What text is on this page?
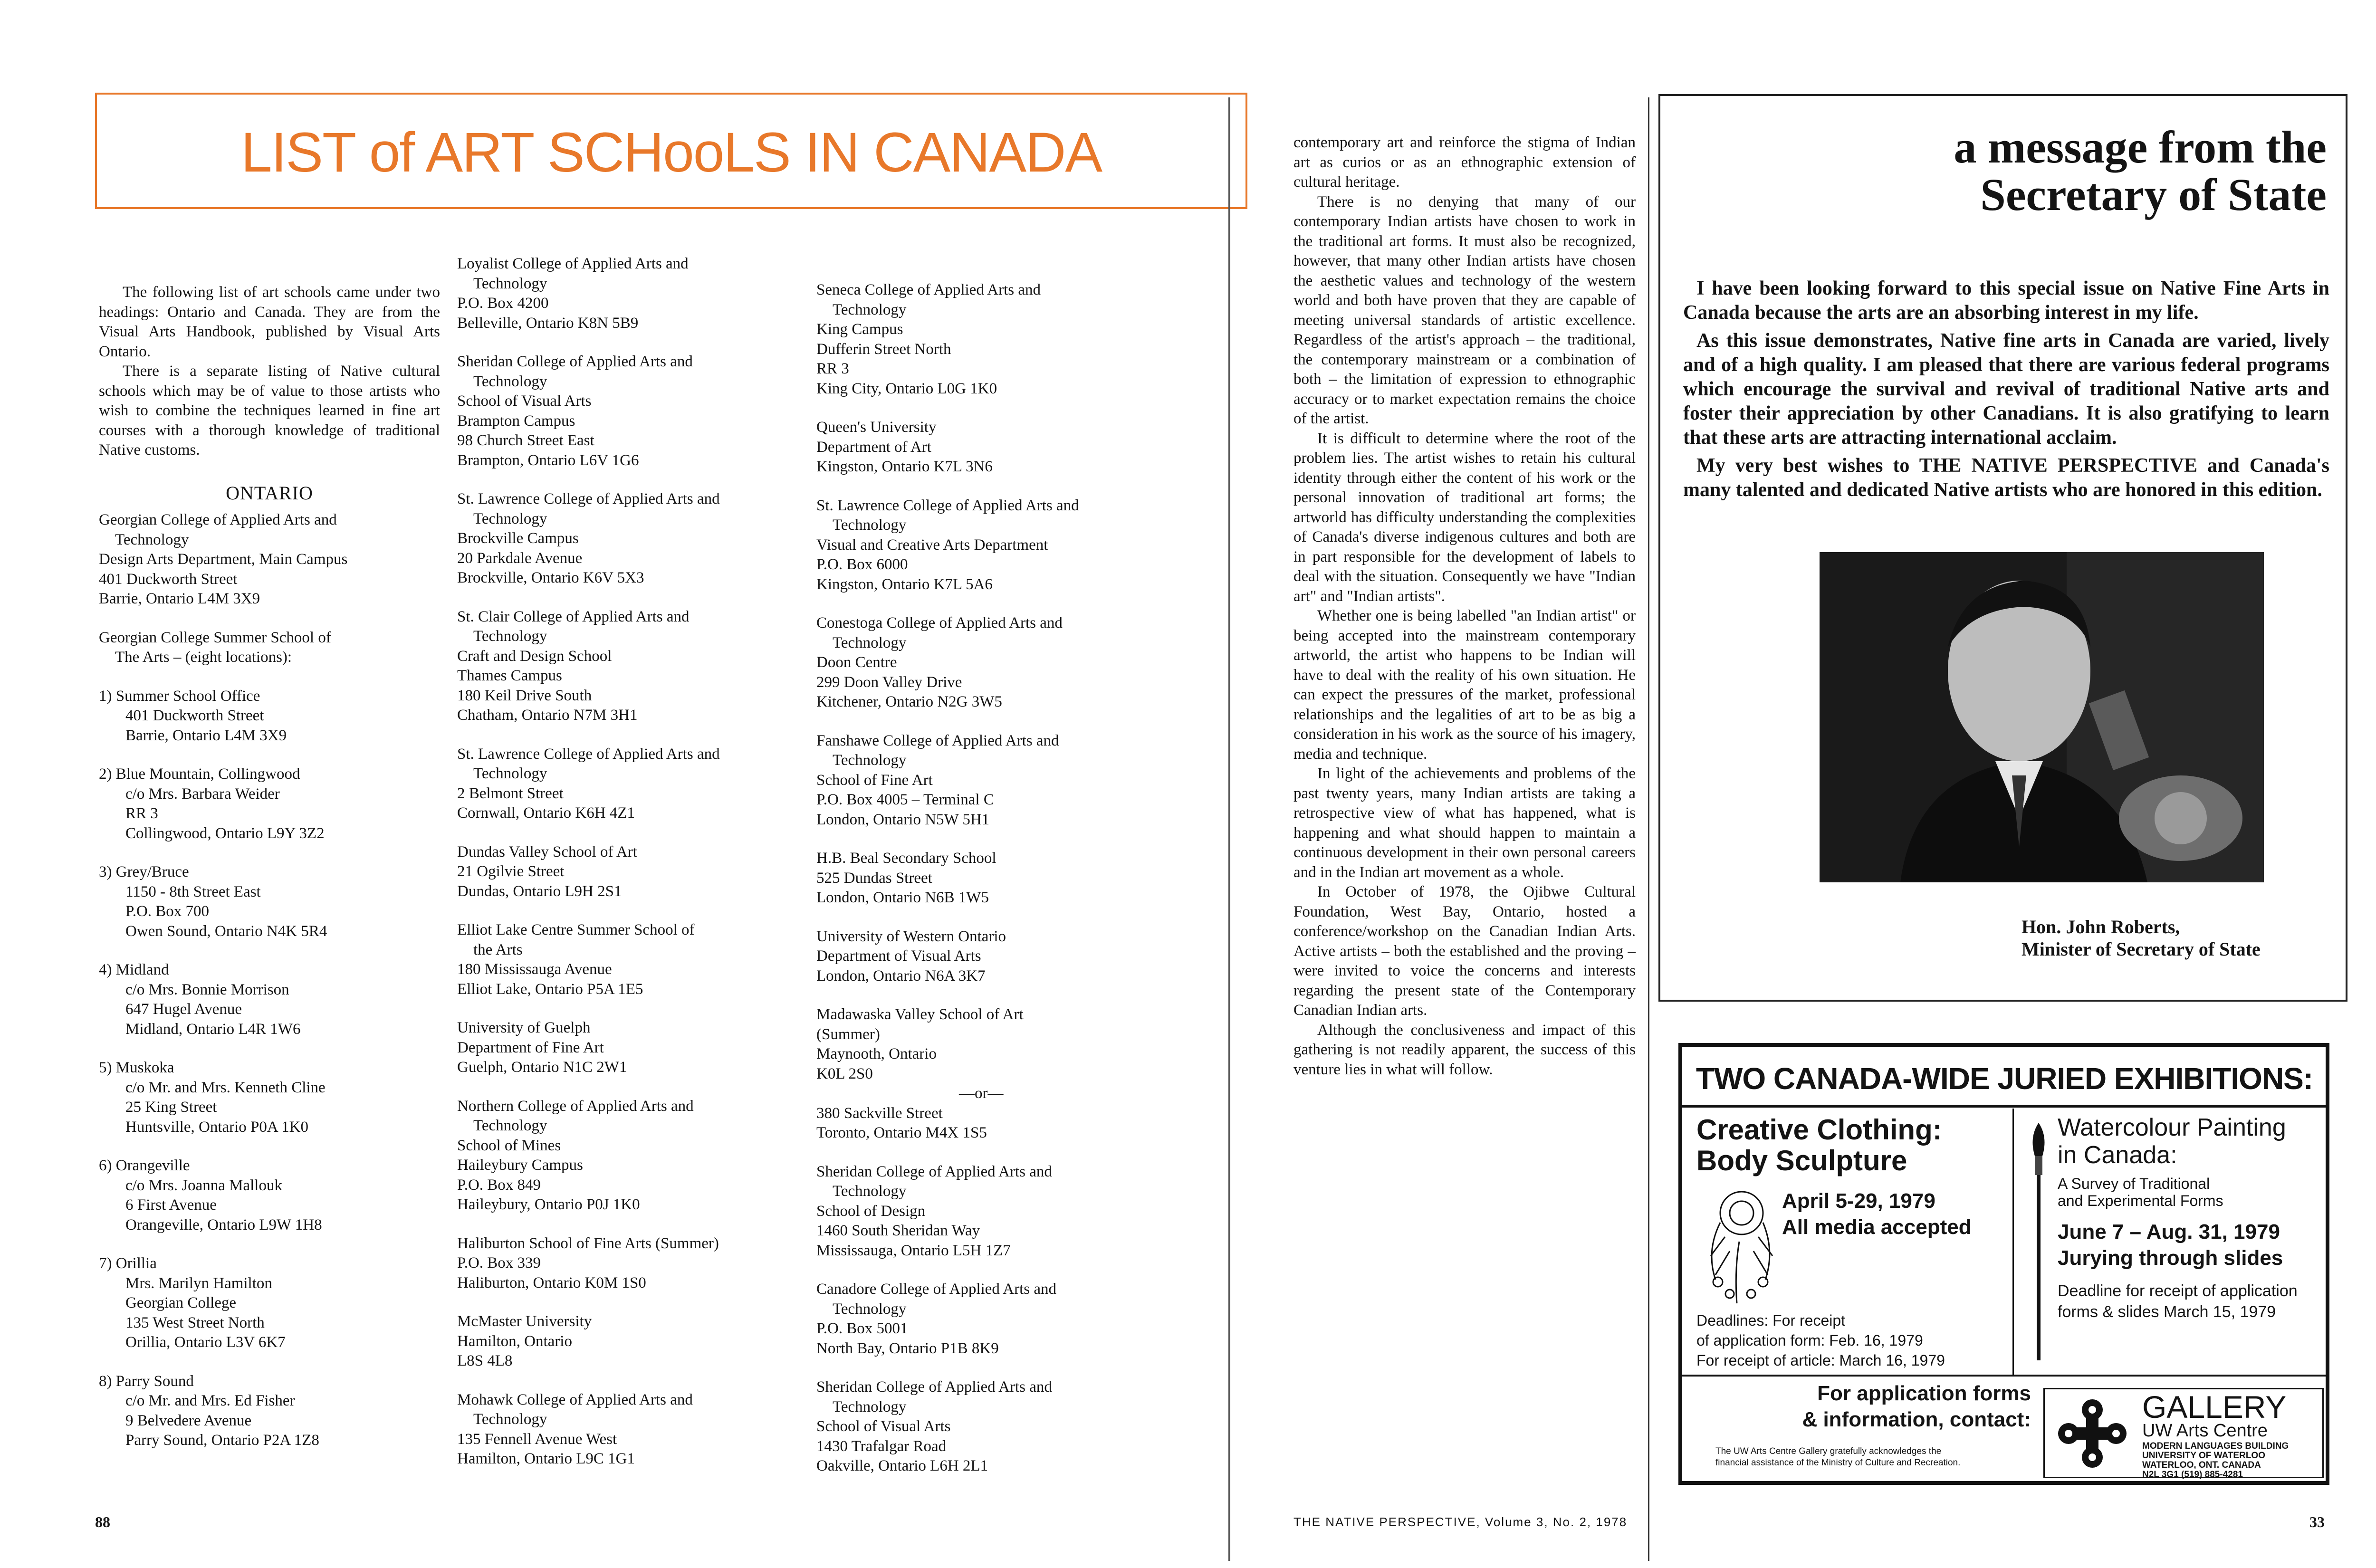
LIST of ART SCHooLS IN CANADA

The following list of art schools came under two headings: Ontario and Canada. They are from the Visual Arts Handbook, published by Visual Arts Ontario.

There is a separate listing of Native cultural schools which may be of value to those artists who wish to combine the techniques learned in fine art courses with a thorough knowledge of traditional Native customs.

ONTARIO
Georgian College of Applied Arts and
Technology
Design Arts Department, Main Campus
401 Duckworth Street
Barrie, Ontario L4M 3X9
Georgian College Summer School of
The Arts – (eight locations):
1) Summer School Office
401 Duckworth Street
Barrie, Ontario L4M 3X9
2) Blue Mountain, Collingwood
c/o Mrs. Barbara Weider
RR 3
Collingwood, Ontario L9Y 3Z2
3) Grey/Bruce
1150 - 8th Street East
P.O. Box 700
Owen Sound, Ontario N4K 5R4
4) Midland
c/o Mrs. Bonnie Morrison
647 Hugel Avenue
Midland, Ontario L4R 1W6
5) Muskoka
c/o Mr. and Mrs. Kenneth Cline
25 King Street
Huntsville, Ontario P0A 1K0
6) Orangeville
c/o Mrs. Joanna Mallouk
6 First Avenue
Orangeville, Ontario L9W 1H8
7) Orillia
Mrs. Marilyn Hamilton
Georgian College
135 West Street North
Orillia, Ontario L3V 6K7
8) Parry Sound
c/o Mr. and Mrs. Ed Fisher
9 Belvedere Avenue
Parry Sound, Ontario P2A 1Z8
Loyalist College of Applied Arts and
Technology
P.O. Box 4200
Belleville, Ontario K8N 5B9
Sheridan College of Applied Arts and
Technology
School of Visual Arts
Brampton Campus
98 Church Street East
Brampton, Ontario L6V 1G6
St. Lawrence College of Applied Arts and
Technology
Brockville Campus
20 Parkdale Avenue
Brockville, Ontario K6V 5X3
St. Clair College of Applied Arts and
Technology
Craft and Design School
Thames Campus
180 Keil Drive South
Chatham, Ontario N7M 3H1
St. Lawrence College of Applied Arts and
Technology
2 Belmont Street
Cornwall, Ontario K6H 4Z1
Dundas Valley School of Art
21 Ogilvie Street
Dundas, Ontario L9H 2S1
Elliot Lake Centre Summer School of
the Arts
180 Mississauga Avenue
Elliot Lake, Ontario P5A 1E5
University of Guelph
Department of Fine Art
Guelph, Ontario N1C 2W1
Northern College of Applied Arts and
Technology
School of Mines
Haileybury Campus
P.O. Box 849
Haileybury, Ontario P0J 1K0
Haliburton School of Fine Arts (Summer)
P.O. Box 339
Haliburton, Ontario K0M 1S0
McMaster University
Hamilton, Ontario
L8S 4L8
Mohawk College of Applied Arts and
Technology
135 Fennell Avenue West
Hamilton, Ontario L9C 1G1
Seneca College of Applied Arts and
Technology
King Campus
Dufferin Street North
RR 3
King City, Ontario L0G 1K0
Queen's University
Department of Art
Kingston, Ontario K7L 3N6
St. Lawrence College of Applied Arts and
Technology
Visual and Creative Arts Department
P.O. Box 6000
Kingston, Ontario K7L 5A6
Conestoga College of Applied Arts and
Technology
Doon Centre
299 Doon Valley Drive
Kitchener, Ontario N2G 3W5
Fanshawe College of Applied Arts and
Technology
School of Fine Art
P.O. Box 4005 – Terminal C
London, Ontario N5W 5H1
H.B. Beal Secondary School
525 Dundas Street
London, Ontario N6B 1W5
University of Western Ontario
Department of Visual Arts
London, Ontario N6A 3K7
Madawaska Valley School of Art
(Summer)
Maynooth, Ontario
K0L 2S0
—or—
380 Sackville Street
Toronto, Ontario M4X 1S5
Sheridan College of Applied Arts and
Technology
School of Design
1460 South Sheridan Way
Mississauga, Ontario L5H 1Z7
Canadore College of Applied Arts and
Technology
P.O. Box 5001
North Bay, Ontario P1B 8K9
Sheridan College of Applied Arts and
Technology
School of Visual Arts
1430 Trafalgar Road
Oakville, Ontario L6H 2L1
88

contemporary art and reinforce the stigma of Indian art as curios or as an ethnographic extension of cultural heritage.

There is no denying that many of our contemporary Indian artists have chosen to work in the traditional art forms. It must also be recognized, however, that many other Indian artists have chosen the aesthetic values and technology of the western world and both have proven that they are capable of meeting universal standards of artistic excellence. Regardless of the artist's approach – the traditional, the contemporary mainstream or a combination of both – the limitation of expression to ethnographic accuracy or to market expectation remains the choice of the artist.

It is difficult to determine where the root of the problem lies. The artist wishes to retain his cultural identity through either the content of his work or the personal innovation of traditional art forms; the artworld has difficulty understanding the complexities of Canada's diverse indigenous cultures and both are in part responsible for the development of labels to deal with the situation. Consequently we have "Indian art" and "Indian artists".

Whether one is being labelled "an Indian artist" or being accepted into the mainstream contemporary artworld, the artist who happens to be Indian will have to deal with the reality of his own situation. He can expect the pressures of the market, professional relationships and the legalities of art to be as big a consideration in his work as the source of his imagery, media and technique.

In light of the achievements and problems of the past twenty years, many Indian artists are taking a retrospective view of what has happened, what is happening and what should happen to maintain a continuous development in their own personal careers and in the Indian art movement as a whole.

In October of 1978, the Ojibwe Cultural Foundation, West Bay, Ontario, hosted a conference/workshop on the Canadian Indian Arts. Active artists – both the established and the proving – were invited to voice the concerns and interests regarding the present state of the Contemporary Canadian Indian arts.

Although the conclusiveness and impact of this gathering is not readily apparent, the success of this venture lies in what will follow.

a message from the
Secretary of State

I have been looking forward to this special issue on Native Fine Arts in Canada because the arts are an absorbing interest in my life.

As this issue demonstrates, Native fine arts in Canada are varied, lively and of a high quality. I am pleased that there are various federal programs which encourage the survival and revival of traditional Native arts and foster their appreciation by other Canadians. It is also gratifying to learn that these arts are attracting international acclaim.

My very best wishes to THE NATIVE PERSPECTIVE and Canada's many talented and dedicated Native artists who are honored in this edition.

Hon. John Roberts,
Minister of Secretary of State
TWO CANADA-WIDE JURIED EXHIBITIONS:
Creative Clothing:
Body Sculpture
April 5-29, 1979
All media accepted
Deadlines: For receipt
of application form: Feb. 16, 1979
For receipt of article: March 16, 1979
Watercolour Painting
in Canada:
A Survey of Traditional
and Experimental Forms
June 7 – Aug. 31, 1979
Jurying through slides
Deadline for receipt of application
forms & slides March 15, 1979
For application forms
& information, contact:
The UW Arts Centre Gallery gratefully acknowledges the
financial assistance of the Ministry of Culture and Recreation.
GALLERY
UW Arts Centre
MODERN LANGUAGES BUILDING
UNIVERSITY OF WATERLOO
WATERLOO, ONT. CANADA
N2L 3G1 (519) 885-4281
THE NATIVE PERSPECTIVE, Volume 3, No. 2, 1978	33
